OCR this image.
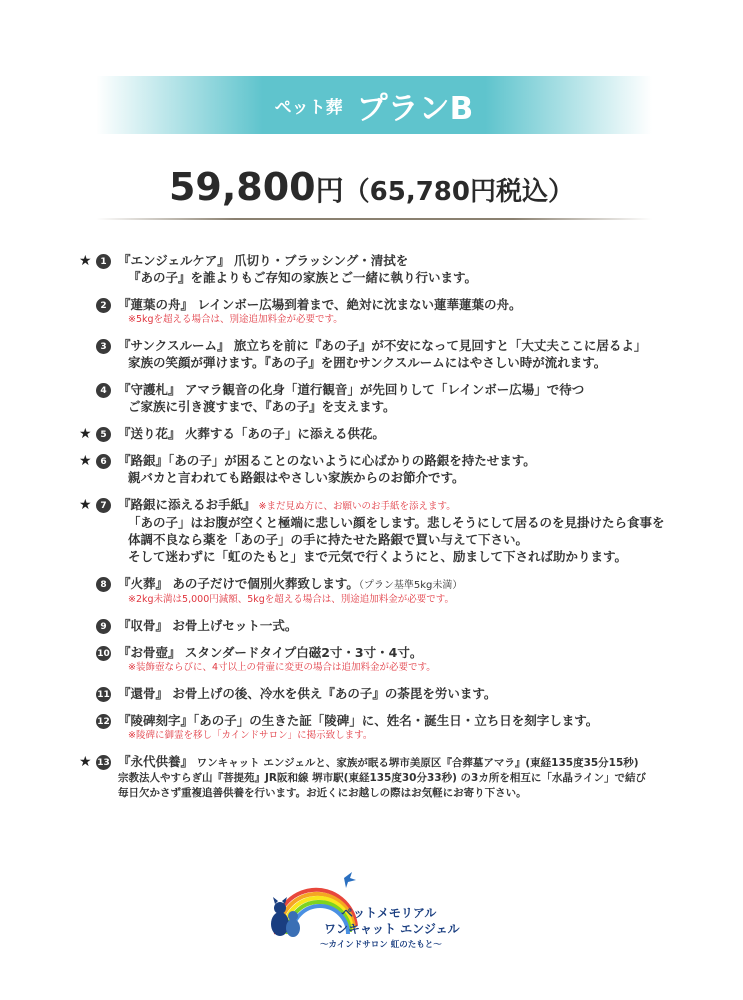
ペット葬 プランB
59,800円（65,780円税込）
★ 1 『エンジェルケア』 爪切り・ブラッシング・清拭を
『あの子』を誰よりもご存知の家族とご一緒に執り行います。
2 『蓮葉の舟』 レインボー広場到着まで、絶対に沈まない蓮華蓮葉の舟。
※5kgを超える場合は、別途追加料金が必要です。
3 『サンクスルーム』 旅立ちを前に『あの子』が不安になって見回すと「大丈夫ここに居るよ」
家族の笑顔が弾けます。『あの子』を囲むサンクスルームにはやさしい時が流れます。
4 『守護札』 アマラ観音の化身「道行観音」が先回りして「レインボー広場」で待つ
ご家族に引き渡すまで、『あの子』を支えます。
★ 5 『送り花』 火葬する「あの子」に添える供花。
★ 6 『路銀』「あの子」が困ることのないように心ばかりの路銀を持たせます。
親バカと言われても路銀はやさしい家族からのお節介です。
★ 7 『路銀に添えるお手紙』 ※まだ見ぬ方に、お願いのお手紙を添えます。
「あの子」はお腹が空くと極端に悲しい顔をします。悲しそうにして居るのを見掛けたら食事を
体調不良なら薬を「あの子」の手に持たせた路銀で買い与えて下さい。
そして迷わずに「虹のたもと」まで元気で行くようにと、励まして下されば助かります。
8 『火葬』 あの子だけで個別火葬致します。（プラン基準5kg未満）
※2kg未満は5,000円減額、5kgを超える場合は、別途追加料金が必要です。
9 『収骨』 お骨上げセット一式。
10 『お骨壺』 スタンダードタイプ白磁2寸・3寸・4寸。
※装飾壺ならびに、4寸以上の骨壷に変更の場合は追加料金が必要です。
11 『還骨』 お骨上げの後、冷水を供え『あの子』の荼毘を労います。
12 『陵碑刻字』「あの子」の生きた証「陵碑」に、姓名・誕生日・立ち日を刻字します。
※陵碑に御霊を移し「カインドサロン」に掲示致します。
★ 13 『永代供養』 ワンキャット エンジェルと、家族が眠る堺市美原区『合葬墓アマラ』(東経135度35分15秒)
宗教法人やすらぎ山『菩提苑』JR阪和線 堺市駅(東経135度30分33秒) の3カ所を相互に「水晶ライン」で結び
毎日欠かさず重複追善供養を行います。お近くにお越しの際はお気軽にお寄り下さい。
ペットメモリアル
ワンキャット エンジェル
〜カインドサロン 虹のたもと〜
